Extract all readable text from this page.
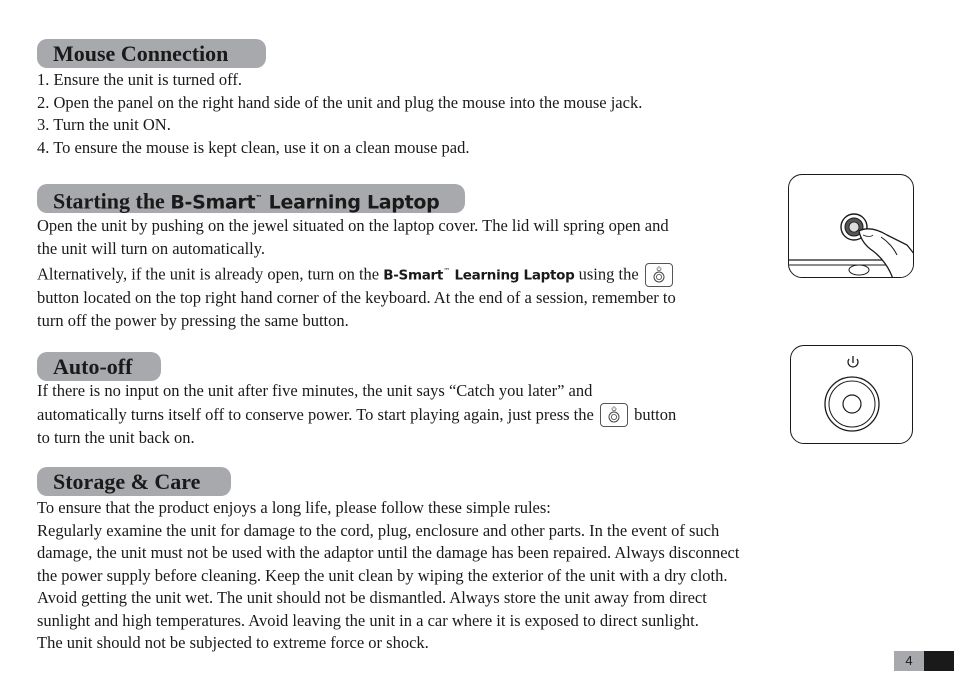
Mouse Connection

1. Ensure the unit is turned off.

2. Open the panel on the right hand side of the unit and plug the mouse into the mouse jack.

3. Turn the unit ON.

4. To ensure the mouse is kept clean, use it on a clean mouse pad.

Starting the B-Smart™ Learning Laptop

Open the unit by pushing on the jewel situated on the laptop cover. The lid will spring open and

the unit will turn on automatically.

Alternatively, if the unit is already open, turn on the B-Smart™ Learning Laptop using the

button located on the top right hand corner of the keyboard. At the end of a session, remember to

turn off the power by pressing the same button.

Auto-off

If there is no input on the unit after five minutes, the unit says “Catch you later” and

automatically turns itself off to conserve power. To start playing again, just press the button

to turn the unit back on.

Storage & Care

To ensure that the product enjoys a long life, please follow these simple rules:

Regularly examine the unit for damage to the cord, plug, enclosure and other parts. In the event of such

damage, the unit must not be used with the adaptor until the damage has been repaired. Always disconnect

the power supply before cleaning. Keep the unit clean by wiping the exterior of the unit with a dry cloth.

Avoid getting the unit wet. The unit should not be dismantled. Always store the unit away from direct

sunlight and high temperatures. Avoid leaving the unit in a car where it is exposed to direct sunlight.

The unit should not be subjected to extreme force or shock.

4
